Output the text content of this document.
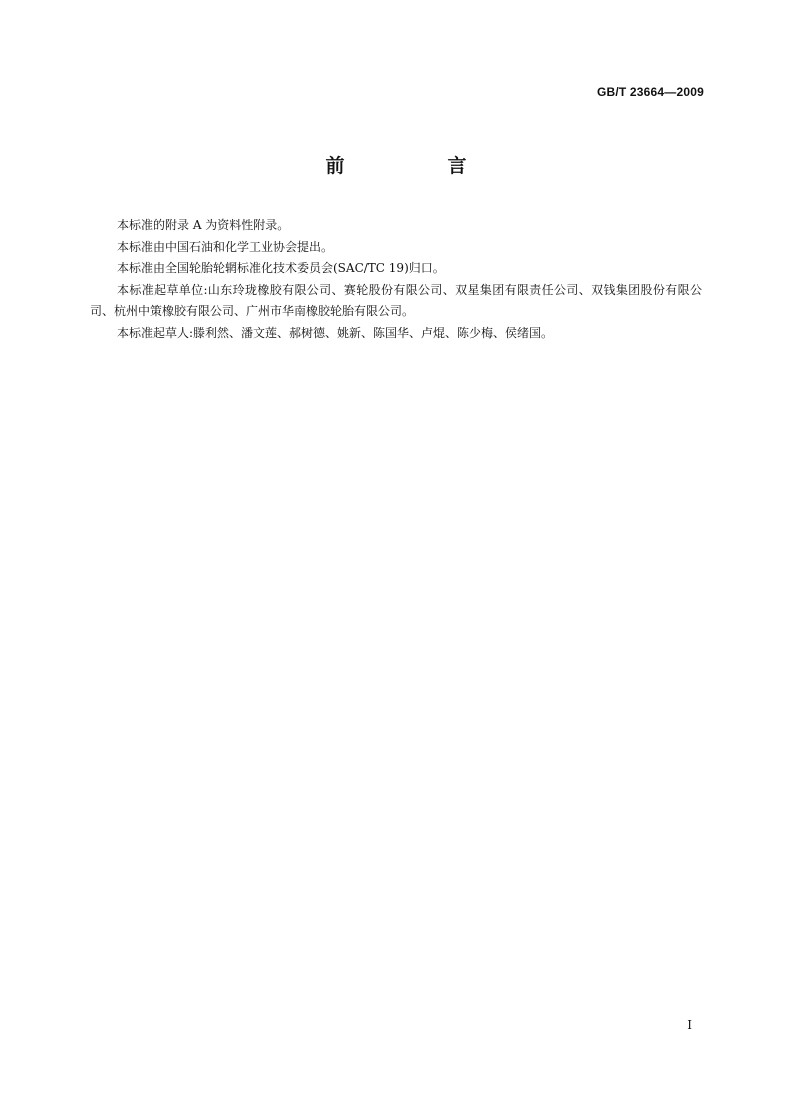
GB/T 23664—2009
前　言

本标准的附录 A 为资料性附录。

本标准由中国石油和化学工业协会提出。

本标准由全国轮胎轮辋标准化技术委员会(SAC/TC 19)归口。

本标准起草单位:山东玲珑橡胶有限公司、赛轮股份有限公司、双星集团有限责任公司、双钱集团股份有限公司、杭州中策橡胶有限公司、广州市华南橡胶轮胎有限公司。

本标准起草人:滕利然、潘文莲、郝树德、姚新、陈国华、卢焜、陈少梅、侯绪国。

I
